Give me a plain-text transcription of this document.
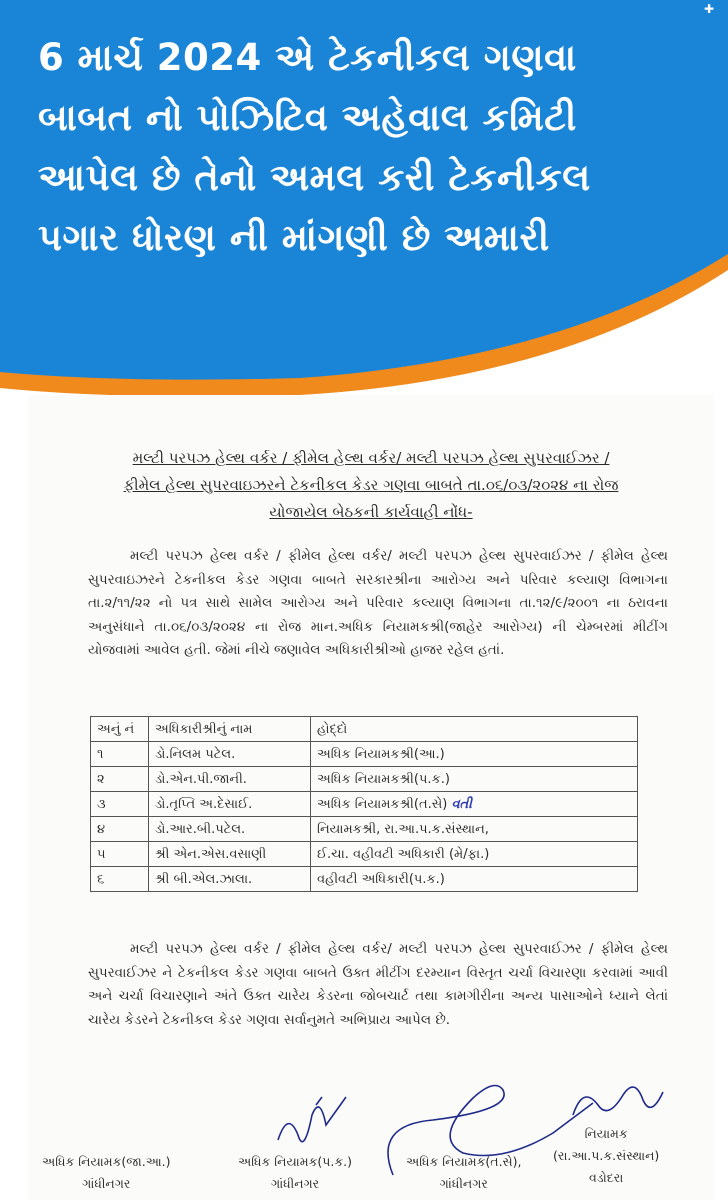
✚
6 માર્ચ 2024 એ ટેકનીકલ ગણવા
બાબત નો પોઝિટિવ અહેવાલ કમિટી
આપેલ છે તેનો અમલ કરી ટેકનીકલ
પગાર ધોરણ ની માંગણી છે અમારી
મલ્ટી પરપઝ હેલ્થ વર્કર / ફીમેલ હેલ્થ વર્કર/ મલ્ટી પરપઝ હેલ્થ સુપરવાઈઝર /
ફીમેલ હેલ્થ સુપરવાઇઝરને ટેકનીકલ કેડર ગણવા બાબતે તા.૦૬/૦૩/૨૦૨૪ ના રોજ
યોજાયેલ બેઠકની કાર્યવાહી નોંધ-
મલ્ટી પરપઝ હેલ્થ વર્કર / ફીમેલ હેલ્થ વર્કર/ મલ્ટી પરપઝ હેલ્થ સુપરવાઈઝર / ફીમેલ હેલ્થ સુપરવાઇઝરને ટેકનીકલ કેડર ગણવા બાબતે સરકારશ્રીના આરોગ્ય અને પરિવાર કલ્યાણ વિભાગના તા.૨/૧૧/૨૨ નો પત્ર સાથે સામેલ આરોગ્ય અને પરિવાર કલ્યાણ વિભાગના તા.૧૨/૯/૨૦૦૧ ના ઠરાવના અનુસંધાને તા.૦૬/૦૩/૨૦૨૪ ના રોજ માન.અધિક નિયામકશ્રી(જાહેર આરોગ્ય) ની ચેમ્બરમાં મીટીંગ યોજવામાં આવેલ હતી. જેમાં નીચે જણાવેલ અધિકારીશ્રીઓ હાજર રહેલ હતાં.
અનું નં	અધિકારીશ્રીનું નામ	હોદ્દો
૧	ડો.નિલમ પટેલ.	અધિક નિયામકશ્રી(આ.)
૨	ડો.એન.પી.જાની.	અધિક નિયામકશ્રી(પ.ક.)
૩	ડો.તૃપ્તિ અ.દેસાઈ.	અધિક નિયામકશ્રી(ત.સે) વતી
૪	ડો.આર.બી.પટેલ.	નિયામકશ્રી, રા.આ.પ.ક.સંસ્થાન,
૫	શ્રી એન.એસ.વસાણી	ઈ.ચા. વહીવટી અધિકારી (મે/ફા.)
૬	શ્રી બી.એલ.ઝાલા.	વહીવટી અધિકારી(પ.ક.)
મલ્ટી પરપઝ હેલ્થ વર્કર / ફીમેલ હેલ્થ વર્કર/ મલ્ટી પરપઝ હેલ્થ સુપરવાઈઝર / ફીમેલ હેલ્થ સુપરવાઈઝર ને ટેકનીકલ કેડર ગણવા બાબતે ઉક્ત મીટીંગ દરમ્યાન વિસ્તૃત ચર્ચા વિચારણા કરવામાં આવી અને ચર્ચા વિચારણાને અંતે ઉક્ત ચારેય કેડરના જોબચાર્ટ તથા કામગીરીના અન્ય પાસાઓને ધ્યાને લેતાં ચારેય કેડરને ટેકનીકલ કેડર ગણવા સર્વાનુમતે અભિપ્રાય આપેલ છે.
અધિક નિયામક(જા.આ.)
ગાંધીનગર
અધિક નિયામક(પ.ક.)
ગાંધીનગર
અધિક નિયામક(ત.સે),
ગાંધીનગર
નિયામક
(રા.આ.પ.ક.સંસ્થાન)
વડોદરા
